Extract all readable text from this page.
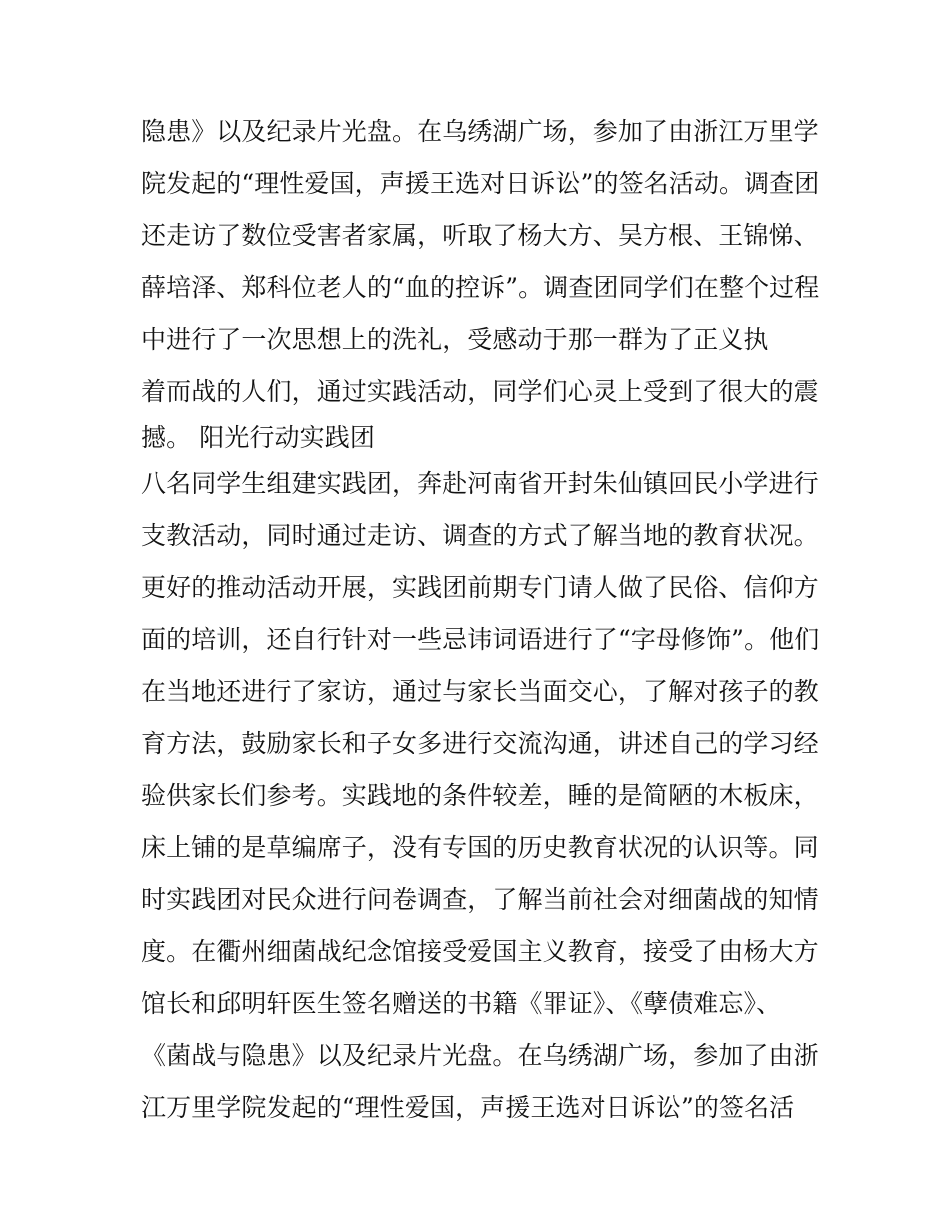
隐患》以及纪录片光盘。在乌绣湖广场，参加了由浙江万里学
院发起的“理性爱国，声援王选对日诉讼”的签名活动。调查团
还走访了数位受害者家属，听取了杨大方、吴方根、王锦悌、
薛培泽、郑科位老人的“血的控诉”。调查团同学们在整个过程
中进行了一次思想上的洗礼，受感动于那一群为了正义执
着而战的人们，通过实践活动，同学们心灵上受到了很大的震
撼。 阳光行动实践团
八名同学生组建实践团，奔赴河南省开封朱仙镇回民小学进行
支教活动，同时通过走访、调查的方式了解当地的教育状况。
更好的推动活动开展，实践团前期专门请人做了民俗、信仰方
面的培训，还自行针对一些忌讳词语进行了“字母修饰”。他们
在当地还进行了家访，通过与家长当面交心，了解对孩子的教
育方法，鼓励家长和子女多进行交流沟通，讲述自己的学习经
验供家长们参考。实践地的条件较差，睡的是简陋的木板床，
床上铺的是草编席子，没有专国的历史教育状况的认识等。同
时实践团对民众进行问卷调查，了解当前社会对细菌战的知情
度。在衢州细菌战纪念馆接受爱国主义教育，接受了由杨大方
馆长和邱明轩医生签名赠送的书籍《罪证》、《孽债难忘》、
《菌战与隐患》以及纪录片光盘。在乌绣湖广场，参加了由浙
江万里学院发起的“理性爱国，声援王选对日诉讼”的签名活
